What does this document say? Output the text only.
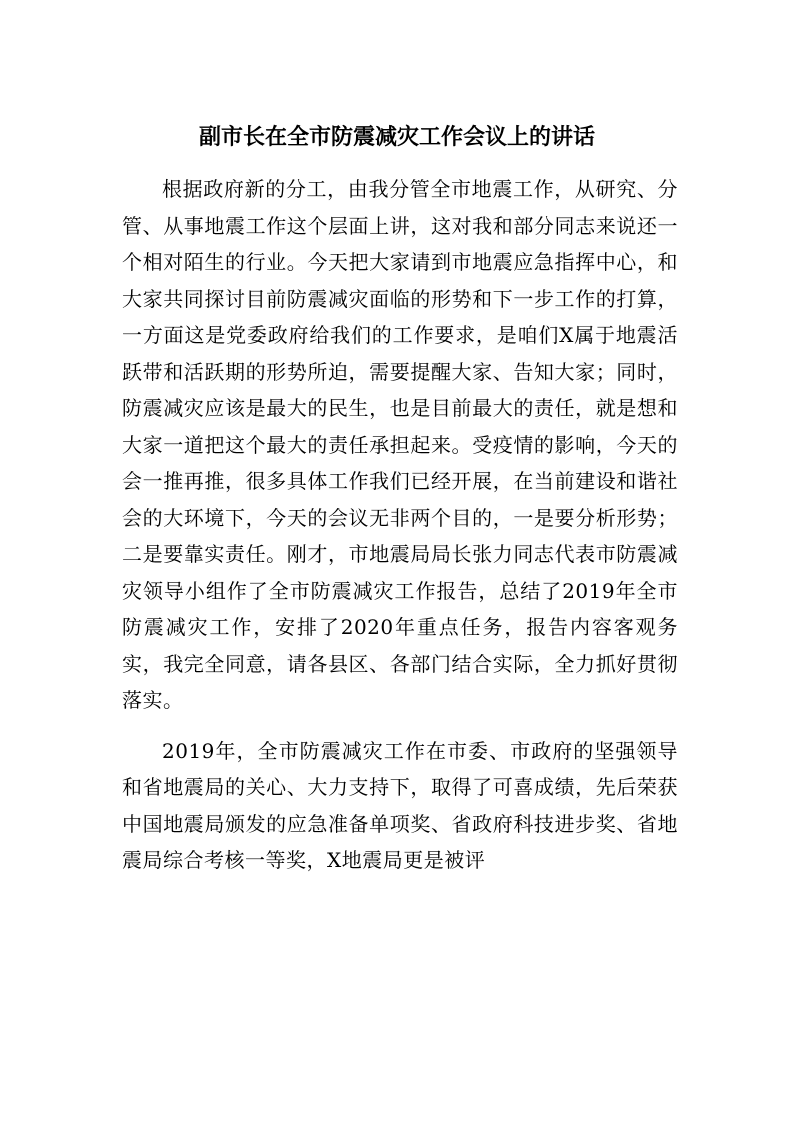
副市长在全市防震减灾工作会议上的讲话

根据政府新的分工，由我分管全市地震工作，从研究、分管、从事地震工作这个层面上讲，这对我和部分同志来说还一个相对陌生的行业。今天把大家请到市地震应急指挥中心，和大家共同探讨目前防震减灾面临的形势和下一步工作的打算，一方面这是党委政府给我们的工作要求，是咱们X属于地震活跃带和活跃期的形势所迫，需要提醒大家、告知大家；同时，防震减灾应该是最大的民生，也是目前最大的责任，就是想和大家一道把这个最大的责任承担起来。受疫情的影响，今天的会一推再推，很多具体工作我们已经开展，在当前建设和谐社会的大环境下，今天的会议无非两个目的，一是要分析形势；二是要靠实责任。刚才，市地震局局长张力同志代表市防震减灾领导小组作了全市防震减灾工作报告，总结了2019年全市防震减灾工作，安排了2020年重点任务，报告内容客观务实，我完全同意，请各县区、各部门结合实际，全力抓好贯彻落实。

2019年，全市防震减灾工作在市委、市政府的坚强领导和省地震局的关心、大力支持下，取得了可喜成绩，先后荣获中国地震局颁发的应急准备单项奖、省政府科技进步奖、省地震局综合考核一等奖，X地震局更是被评
